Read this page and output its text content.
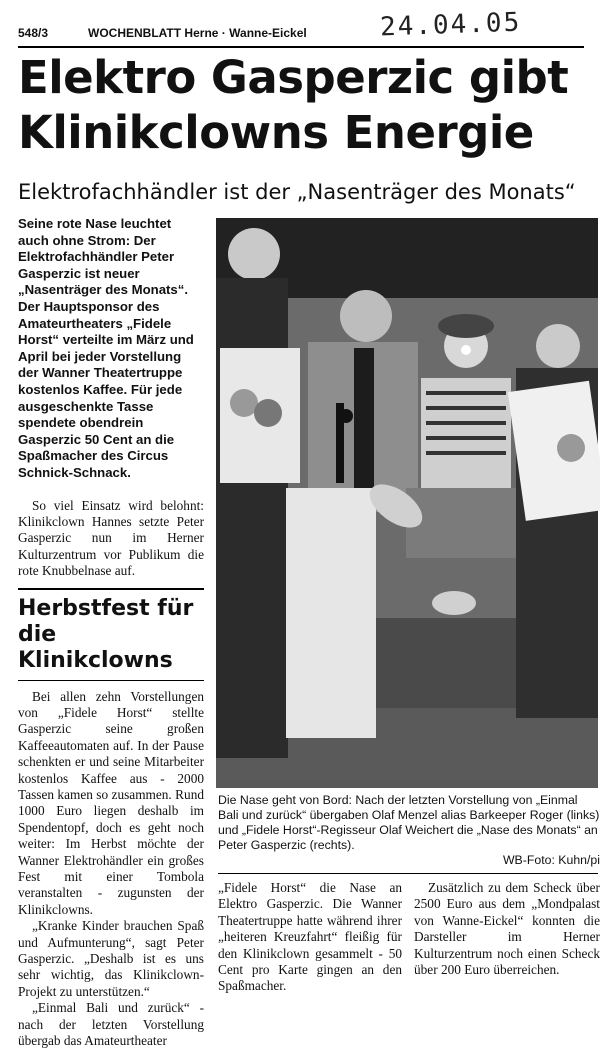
548/3	WOCHENBLATT Herne · Wanne-Eickel	24.04.05
Elektro Gasperzic gibt Klinikclowns Energie
Elektrofachhändler ist der „Nasenträger des Monats“

Seine rote Nase leuchtet auch ohne Strom: Der Elektrofachhändler Peter Gasperzic ist neuer „Nasenträger des Monats“. Der Hauptsponsor des Amateurtheaters „Fidele Horst“ verteilte im März und April bei jeder Vorstellung der Wanner Theatertruppe kostenlos Kaffee. Für jede ausgeschenkte Tasse spendete obendrein Gasperzic 50 Cent an die Spaßmacher des Circus Schnick-Schnack.

So viel Einsatz wird belohnt: Klinikclown Hannes setzte Peter Gasperzic nun im Herner Kulturzentrum vor Publikum die rote Knubbelnase auf.

Herbstfest für die Klinikclowns

Bei allen zehn Vorstellungen von „Fidele Horst“ stellte Gasperzic seine großen Kaffeeautomaten auf. In der Pause schenkten er und seine Mitarbeiter kostenlos Kaffee aus - 2000 Tassen kamen so zusammen. Rund 1000 Euro liegen deshalb im Spendentopf, doch es geht noch weiter: Im Herbst möchte der Wanner Elektrohändler ein großes Fest mit einer Tombola veranstalten - zugunsten der Klinikclowns.

„Kranke Kinder brauchen Spaß und Aufmunterung“, sagt Peter Gasperzic. „Deshalb ist es uns sehr wichtig, das Klinikclown-Projekt zu unterstützen.“

„Einmal Bali und zurück“ - nach der letzten Vorstellung übergab das Amateurtheater

Die Nase geht von Bord: Nach der letzten Vorstellung von „Einmal Bali und zurück“ übergaben Olaf Menzel alias Barkeeper Roger (links) und „Fidele Horst“-Regisseur Olaf Weichert die „Nase des Monats“ an Peter Gasperzic (rechts).
WB-Foto: Kuhn/pi

„Fidele Horst“ die Nase an Elektro Gasperzic. Die Wanner Theatertruppe hatte während ihrer „heiteren Kreuzfahrt“ fleißig für den Klinikclown gesammelt - 50 Cent pro Karte gingen an den Spaßmacher.

Zusätzlich zu dem Scheck über 2500 Euro aus dem „Mondpalast von Wanne-Eickel“ konnten die Darsteller im Herner Kulturzentrum noch einen Scheck über 200 Euro überreichen.
